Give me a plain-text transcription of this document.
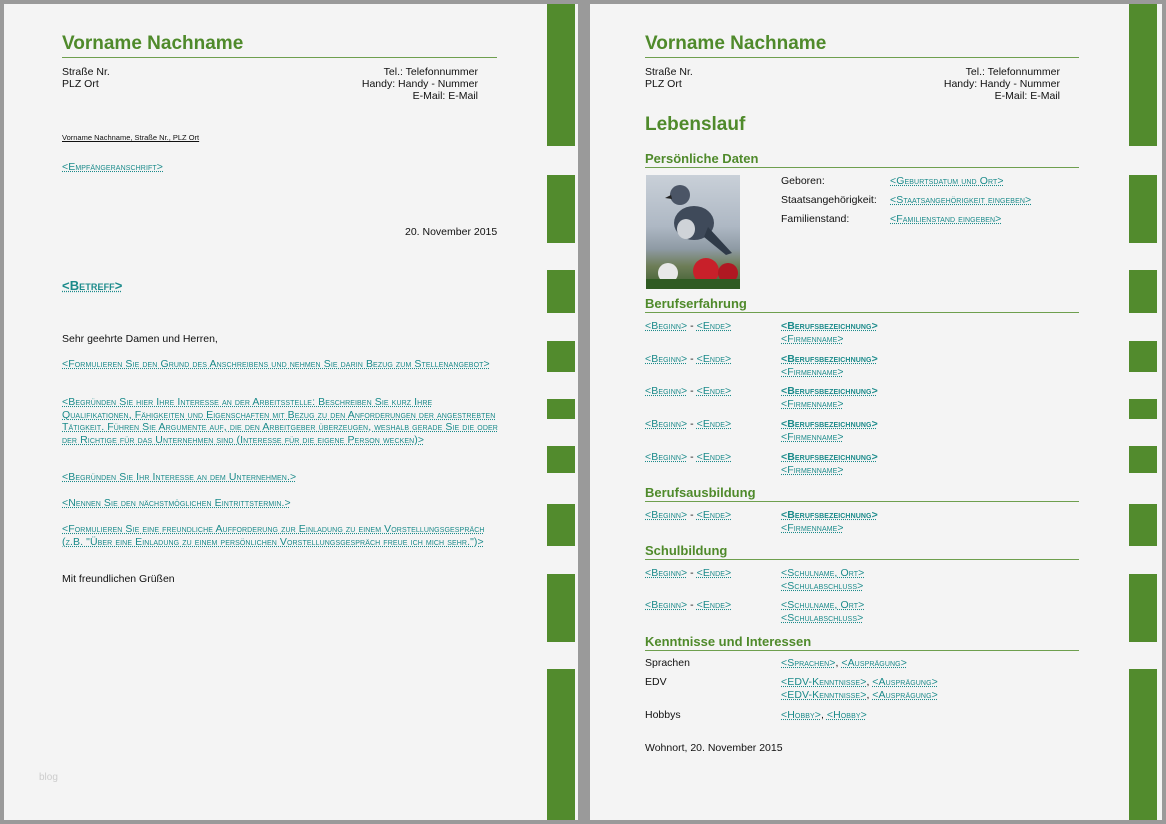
Vorname Nachname
Straße Nr.
PLZ Ort
Tel.: Telefonnummer
Handy: Handy - Nummer
E-Mail: E-Mail
Vorname Nachname, Straße Nr., PLZ Ort
<Empfängeranschrift>
20. November 2015
<Betreff>
Sehr geehrte Damen und Herren,
<Formulieren Sie den Grund des Anschreibens und nehmen Sie darin Bezug zum Stellenangebot>
<Begründen Sie hier Ihre Interesse an der Arbeitsstelle: Beschreiben Sie kurz Ihre Qualifikationen, Fähigkeiten und Eigenschaften mit Bezug zu den Anforderungen der angestrebten Tätigkeit. Führen Sie Argumente auf, die den Arbeitgeber überzeugen, weshalb gerade Sie die oder der Richtige für das Unternehmen sind (Interesse für die eigene Person wecken)>
<Begründen Sie Ihr Interesse an dem Unternehmen.>
<Nennen Sie den nächstmöglichen Eintrittstermin.>
<Formulieren Sie eine freundliche Aufforderung zur Einladung zu einem Vorstellungsgespräch (z.B. "Über eine Einladung zu einem persönlichen Vorstellungsgespräch freue ich mich sehr.")>
Mit freundlichen Grüßen
blog
Vorname Nachname
Straße Nr.
PLZ Ort
Tel.: Telefonnummer
Handy: Handy - Nummer
E-Mail: E-Mail
Lebenslauf
Persönliche Daten
Geboren:	<Geburtsdatum und Ort>
Staatsangehörigkeit: <Staatsangehörigkeit eingeben>
Familienstand:	<Familienstand eingeben>
Berufserfahrung
<Beginn> - <Ende>	<Berufsbezeichnung>
<Firmenname>
<Beginn> - <Ende>	<Berufsbezeichnung>
<Firmenname>
<Beginn> - <Ende>	<Berufsbezeichnung>
<Firmenname>
<Beginn> - <Ende>	<Berufsbezeichnung>
<Firmenname>
<Beginn> - <Ende>	<Berufsbezeichnung>
<Firmenname>
Berufsausbildung
<Beginn> - <Ende>	<Berufsbezeichnung>
<Firmenname>
Schulbildung
<Beginn> - <Ende>	<Schulname, Ort>
<Schulabschluss>
<Beginn> - <Ende>	<Schulname, Ort>
<Schulabschluss>
Kenntnisse und Interessen
Sprachen	<Sprachen>, <Ausprägung>
EDV	<EDV-Kenntnisse>, <Ausprägung>
<EDV-Kenntnisse>, <Ausprägung>
Hobbys	<Hobby>, <Hobby>
Wohnort, 20. November 2015
